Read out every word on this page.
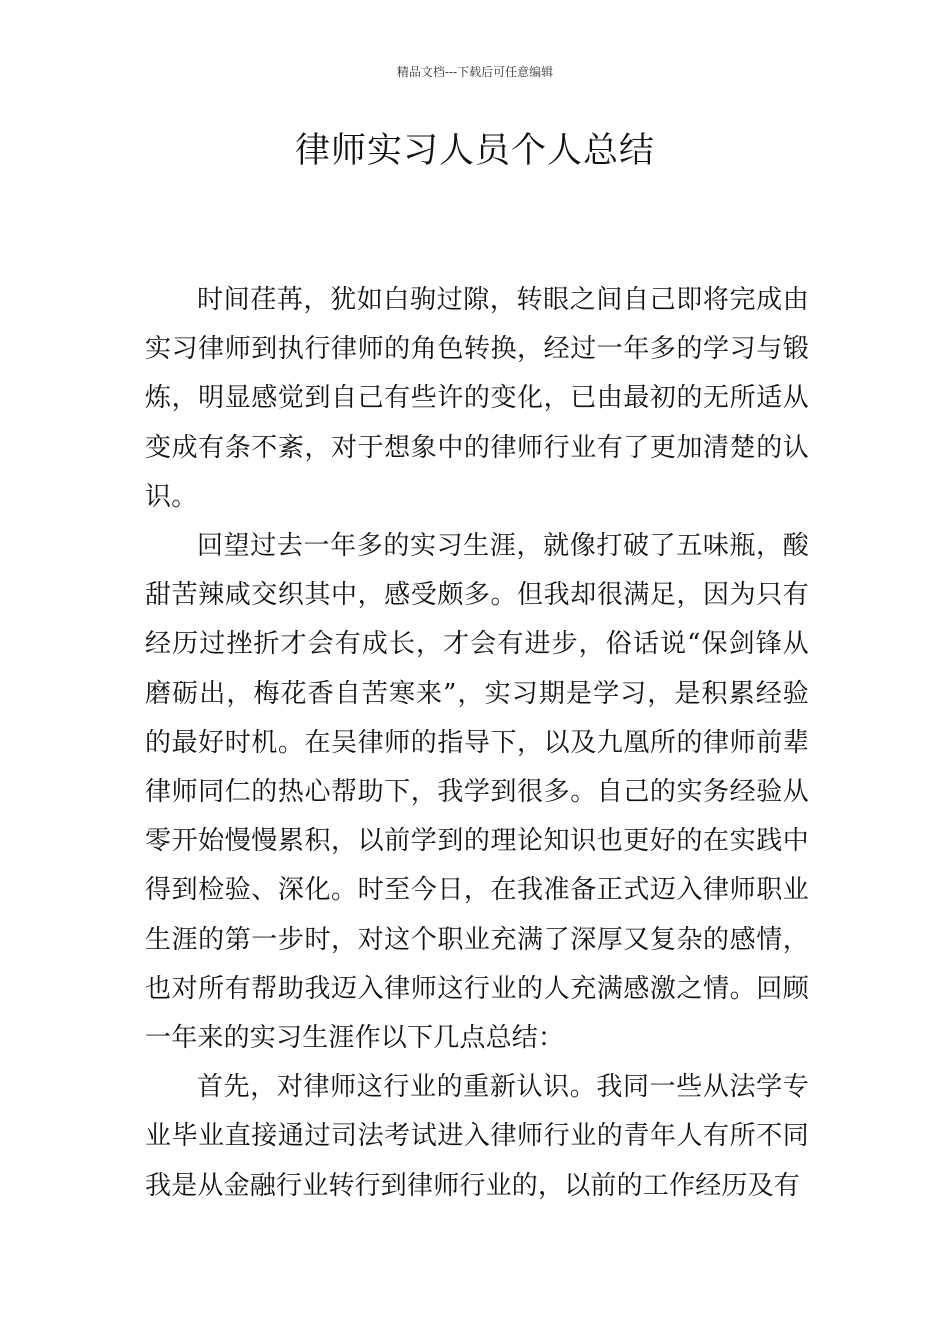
精品文档---下载后可任意编辑
律师实习人员个人总结

时间荏苒，犹如白驹过隙，转眼之间自己即将完成由实习律师到执行律师的角色转换，经过一年多的学习与锻炼，明显感觉到自己有些许的变化，已由最初的无所适从变成有条不紊，对于想象中的律师行业有了更加清楚的认识。

回望过去一年多的实习生涯，就像打破了五味瓶，酸甜苦辣咸交织其中，感受颇多。但我却很满足，因为只有经历过挫折才会有成长，才会有进步，俗话说“保剑锋从磨砺出，梅花香自苦寒来”，实习期是学习，是积累经验的最好时机。在吴律师的指导下，以及九凰所的律师前辈律师同仁的热心帮助下，我学到很多。自己的实务经验从零开始慢慢累积，以前学到的理论知识也更好的在实践中得到检验、深化。时至今日，在我准备正式迈入律师职业生涯的第一步时，对这个职业充满了深厚又复杂的感情，也对所有帮助我迈入律师这行业的人充满感激之情。回顾一年来的实习生涯作以下几点总结：

首先，对律师这行业的重新认识。我同一些从法学专业毕业直接通过司法考试进入律师行业的青年人有所不同我是从金融行业转行到律师行业的，以前的工作经历及有
